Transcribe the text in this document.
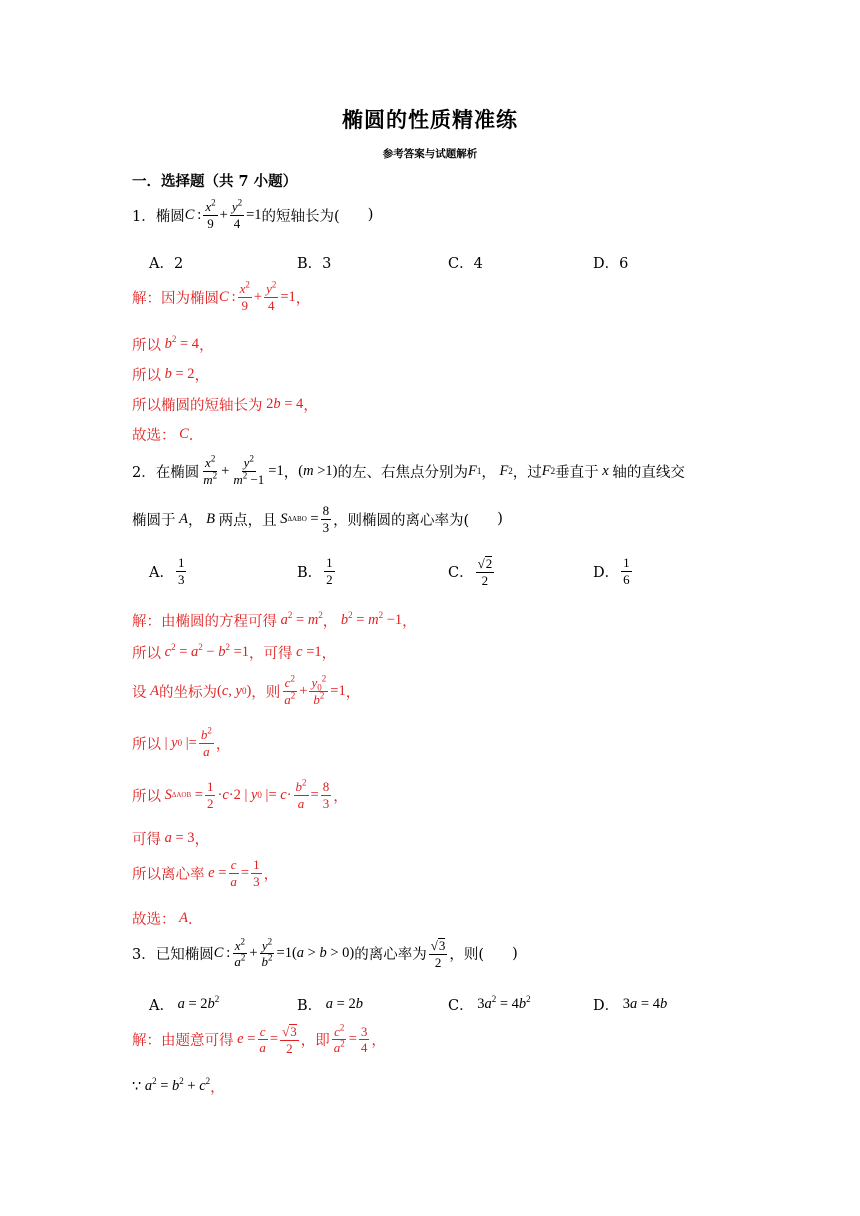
椭圆的性质精准练
参考答案与试题解析
一．选择题（共 7 小题）
1． 椭圆 C  : $\frac{x^2}{9} + \frac{y^2}{4} =1$ 的短轴长为( )
A．2	B．3	C．4	D．6
解：因为椭圆 C  : $\frac{x^2}{9} + \frac{y^2}{4} =1$ ，
所以 $b^2 = 4$ ，
所以 b = 2 ，
所以椭圆的短轴长为 2 b = 4 ，
故选：
C ．
2． 在椭圆 $\frac{x^2}{m^2} + \frac{y^2}{m^2 -1} =1$ ， ( m >1) 的左、右焦点分别为 F 1 ， F 2 ，过 F 2 垂直于 x 轴的直线交
椭圆于 A ， B 两点，且 S $\Delta ABO = \frac{8}{3}$ ，则椭圆的离心率为( )
A． $\frac{1}{3}$	B． $\frac{1}{2}$	C． $\frac{√2}{2}$	D． $\frac{1}{6}$
解：由椭圆的方程可得 $a^2 = m^2$ ， $b^2 = m^2 -1$ ，
所以 $c^2 = a^2 - b^2 =1$ ，可得 c =1 ，
设 A 的坐标为 ( c , y 0 ) ，则 $\frac{c^2}{a^2} + \frac{y_0^2}{b^2} =1$ ，
所以 | y 0 |= $\frac{b^2}{a}$ ，
所以 S $\Delta AOB = \frac{1}{2} \cdot c \cdot 2$ | y 0 |= $c \cdot \frac{b^2}{a} = \frac{8}{3}$ ，
可得 a = 3 ，
所以离心率 $e = \frac{c}{a} = \frac{1}{3}$ ，
故选：
A ．
3． 已知椭圆 C  : $\frac{x^2}{a^2} + \frac{y^2}{b^2} =1$( a > b > 0) 的离心率为 $\frac{√3}{2}$ ，则( )
A． a = 2 $b^2$	B． a = 2 b	C． 3 $a^2 = 4$ $b^2$	D． 3 a = 4 b
解：由题意可得 $e = \frac{c}{a} = \frac{√3}{2}$ ，即 $\frac{c^2}{a^2} = \frac{3}{4}$ ，
∵ $a^2 = b^2 + c^2$ ，
